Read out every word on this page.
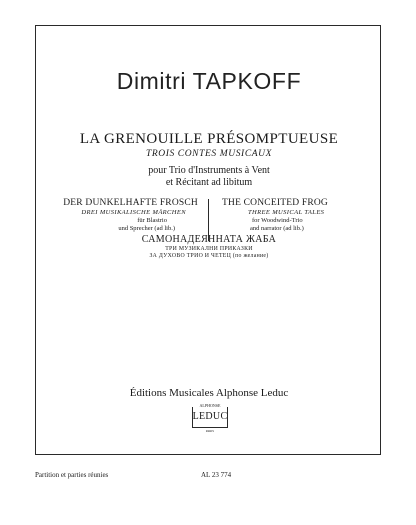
Dimitri TAPKOFF
LA GRENOUILLE PRÉSOMPTUEUSE
TROIS CONTES MUSICAUX
pour Trio d'Instruments à Vent
et Récitant ad libitum
DER DUNKELHAFTE FROSCH
DREI MUSIKALISCHE MÄRCHEN
für Blastrio
und Sprecher (ad lib.)
THE CONCEITED FROG
THREE MUSICAL TALES
for Woodwind-Trio
and narrator (ad lib.)
САМОНАДЕЯННАТА ЖАБА
ТРИ МУЗИКАЛНИ ПРИКАЗКИ
ЗА ДУХОВО ТРИО И ЧЕТЕЦ (по желание)
Éditions Musicales Alphonse Leduc
ALPHONSE
LEDUC
PARIS
Partition et parties réunies	AL 23 774
